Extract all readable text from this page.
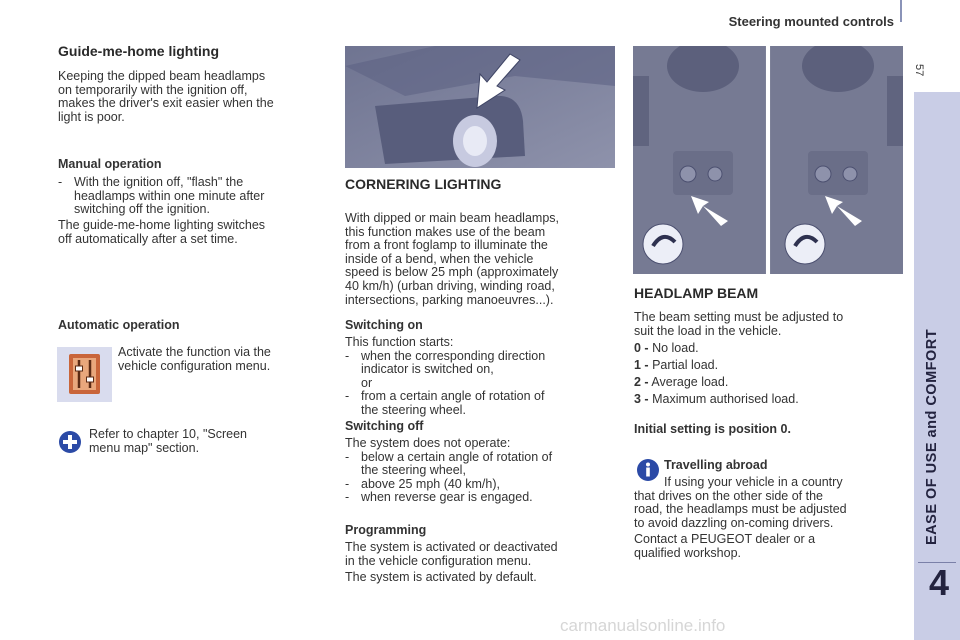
Steering mounted controls
57
EASE OF USE and COMFORT
4
carmanualsonline.info
Guide-me-home lighting
Keeping the dipped beam headlamps
on temporarily with the ignition off,
makes the driver's exit easier when the
light is poor.
Manual operation
- With the ignition off, "flash" the
headlamps within one minute after
switching off the ignition.
The guide-me-home lighting switches
off automatically after a set time.
Automatic operation
Activate the function via the
vehicle configuration menu.
Refer to chapter 10, "Screen
menu map" section.
CORNERING LIGHTING
With dipped or main beam headlamps,
this function makes use of the beam
from a front foglamp to illuminate the
inside of a bend, when the vehicle
speed is below 25 mph (approximately
40 km/h) (urban driving, winding road,
intersections, parking manoeuvres...).
Switching on
This function starts:
- when the corresponding direction
indicator is switched on,
or
- from a certain angle of rotation of
the steering wheel.
Switching off
The system does not operate:
- below a certain angle of rotation of
the steering wheel,
- above 25 mph (40 km/h),
- when reverse gear is engaged.
Programming
The system is activated or deactivated
in the vehicle configuration menu.
The system is activated by default.
HEADLAMP BEAM
The beam setting must be adjusted to
suit the load in the vehicle.
0 - No load.
1 - Partial load.
2 - Average load.
3 - Maximum authorised load.
Initial setting is position 0.
Travelling abroad
If using your vehicle in a country
that drives on the other side of the
road, the headlamps must be adjusted
to avoid dazzling on-coming drivers.
Contact a PEUGEOT dealer or a
qualified workshop.
